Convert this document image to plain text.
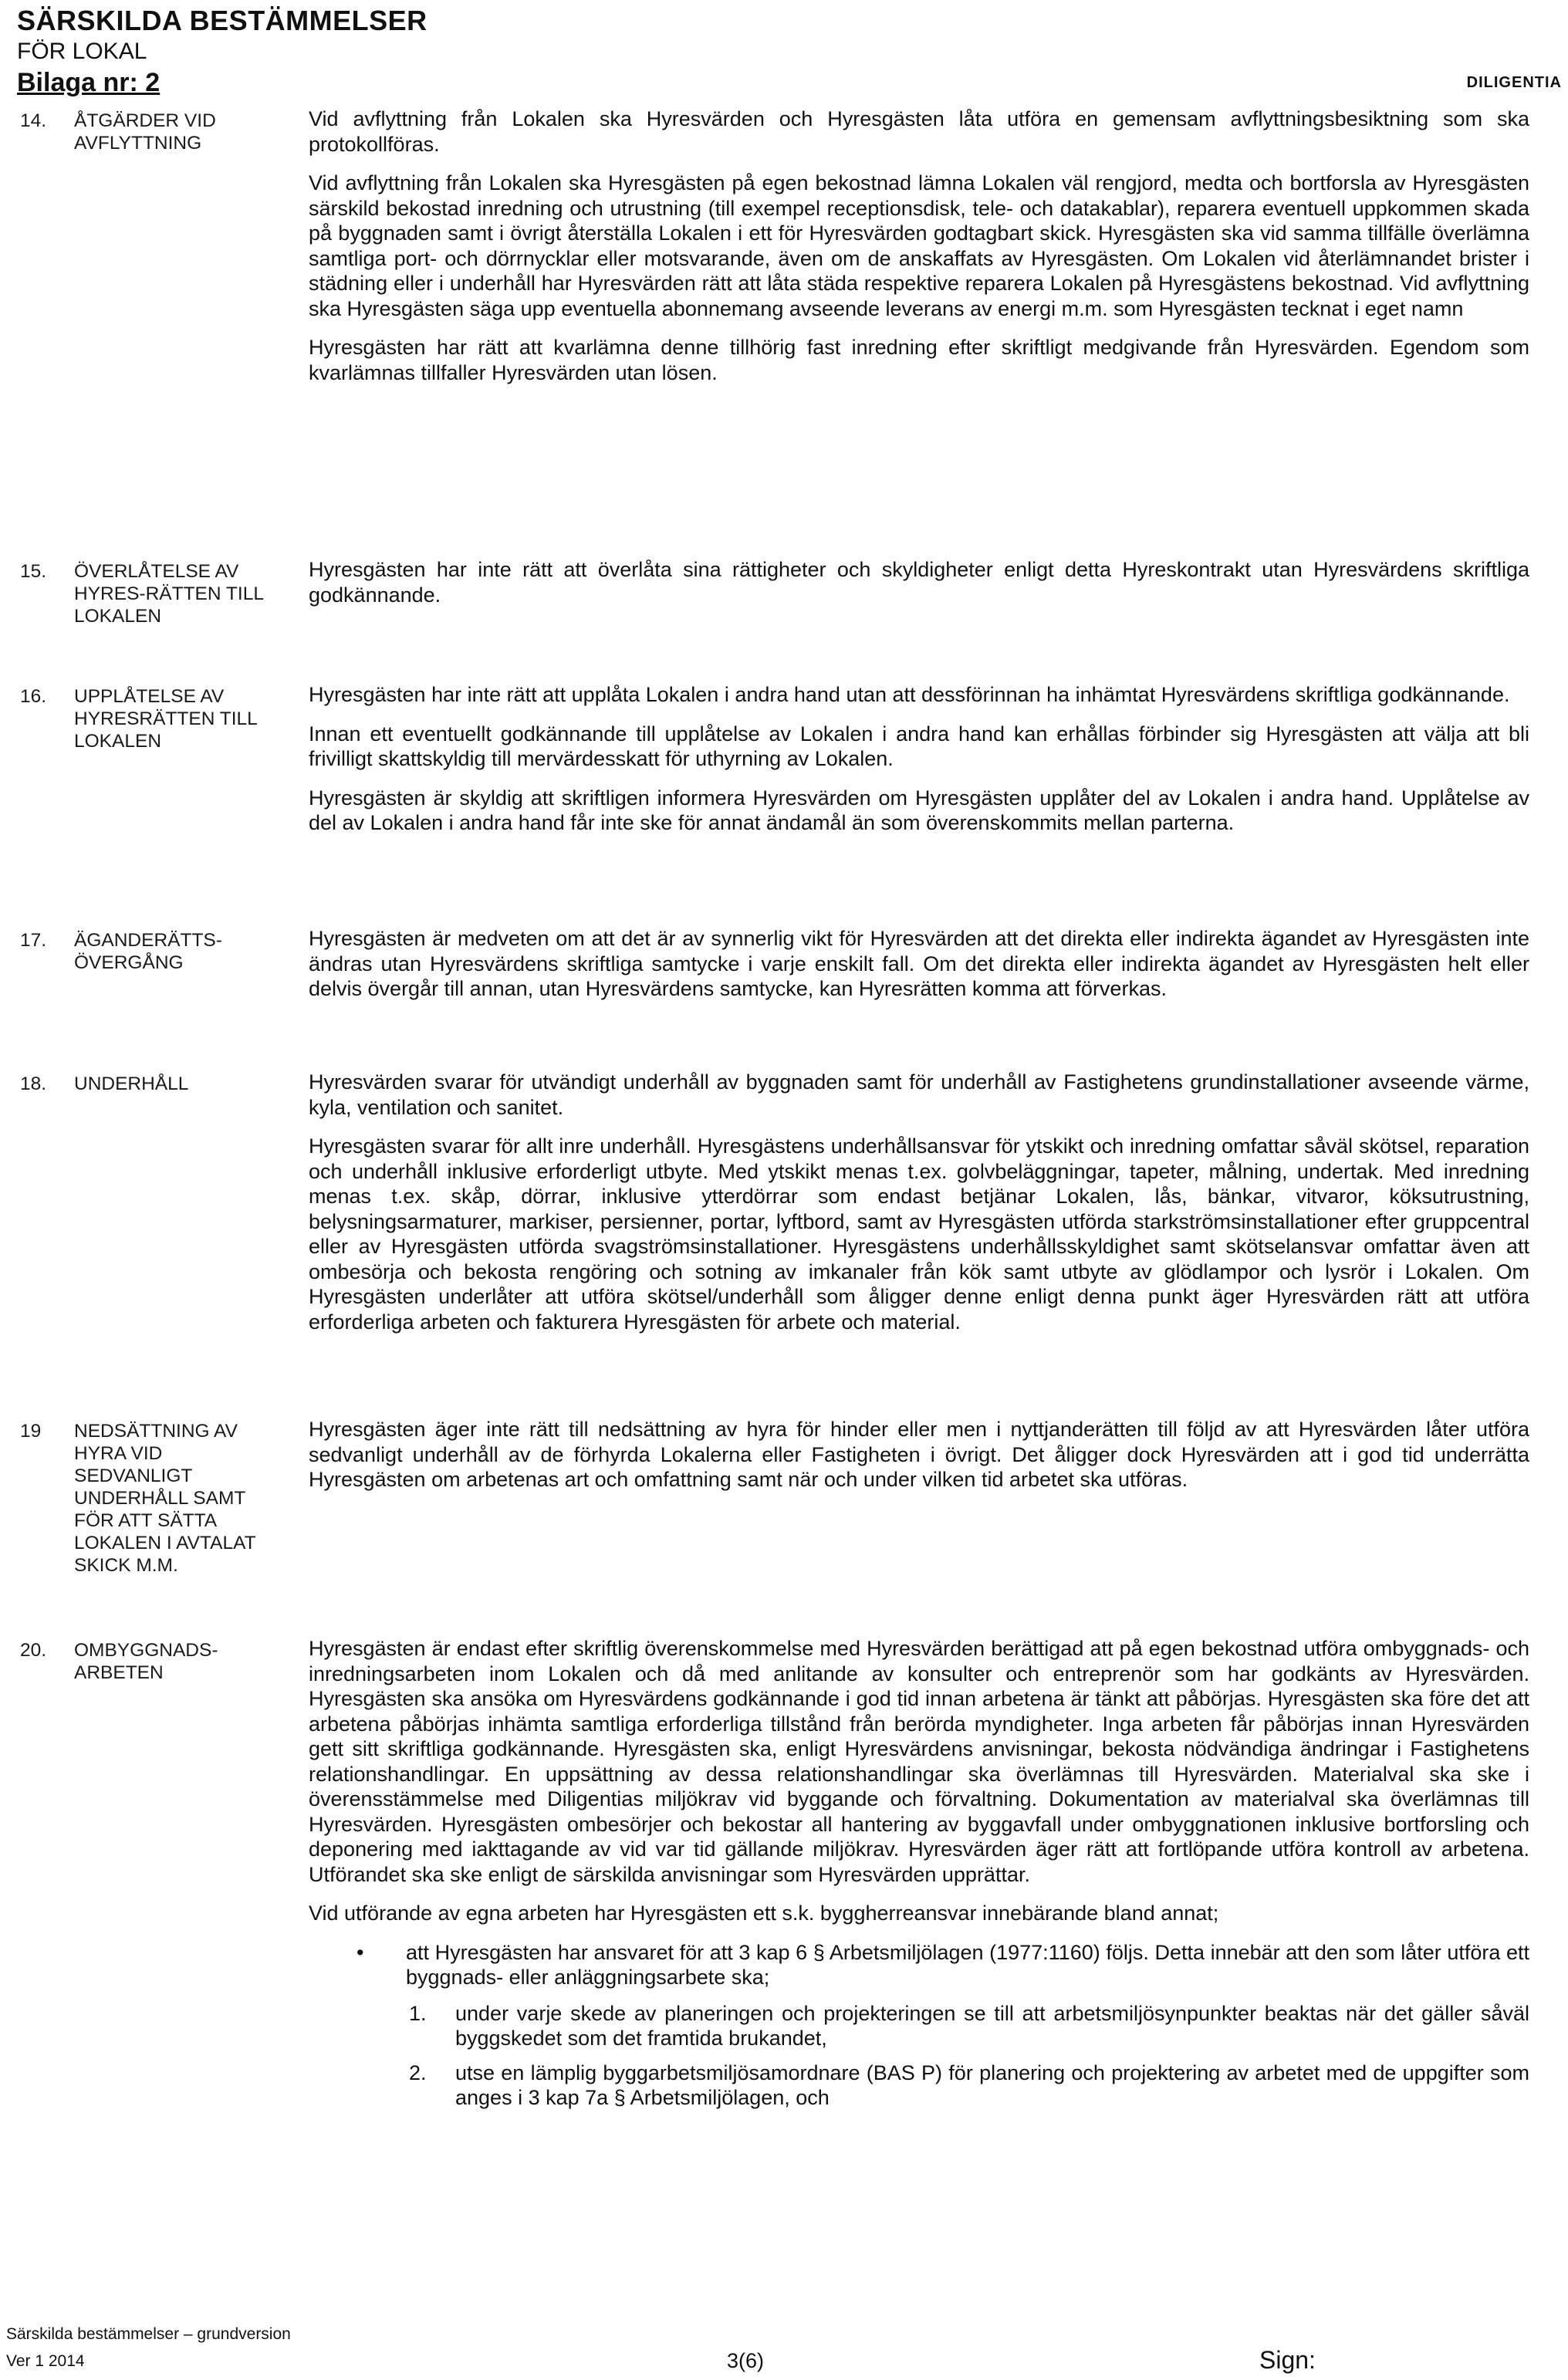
SÄRSKILDA BESTÄMMELSER
FÖR LOKAL
Bilaga nr: 2	DILIGENTIA
14.	ÅTGÄRDER VID AVFLYTTNING

Vid avflyttning från Lokalen ska Hyresvärden och Hyresgästen låta utföra en gemensam avflyttningsbesiktning som ska protokollföras.

Vid avflyttning från Lokalen ska Hyresgästen på egen bekostnad lämna Lokalen väl rengjord, medta och bortforsla av Hyresgästen särskild bekostad inredning och utrustning (till exempel receptionsdisk, tele- och datakablar), reparera eventuell uppkommen skada på byggnaden samt i övrigt återställa Lokalen i ett för Hyresvärden godtagbart skick. Hyresgästen ska vid samma tillfälle överlämna samtliga port- och dörrnycklar eller motsvarande, även om de anskaffats av Hyresgästen. Om Lokalen vid återlämnandet brister i städning eller i underhåll har Hyresvärden rätt att låta städa respektive reparera Lokalen på Hyresgästens bekostnad. Vid avflyttning ska Hyresgästen säga upp eventuella abonnemang avseende leverans av energi m.m. som Hyresgästen tecknat i eget namn

Hyresgästen har rätt att kvarlämna denne tillhörig fast inredning efter skriftligt medgivande från Hyresvärden. Egendom som kvarlämnas tillfaller Hyresvärden utan lösen.

15.	ÖVERLÅTELSE AV HYRES-RÄTTEN TILL LOKALEN

Hyresgästen har inte rätt att överlåta sina rättigheter och skyldigheter enligt detta Hyreskontrakt utan Hyresvärdens skriftliga godkännande.

16.	UPPLÅTELSE AV HYRESRÄTTEN TILL LOKALEN

Hyresgästen har inte rätt att upplåta Lokalen i andra hand utan att dessförinnan ha inhämtat Hyresvärdens skriftliga godkännande.

Innan ett eventuellt godkännande till upplåtelse av Lokalen i andra hand kan erhållas förbinder sig Hyresgästen att välja att bli frivilligt skattskyldig till mervärdesskatt för uthyrning av Lokalen.

Hyresgästen är skyldig att skriftligen informera Hyresvärden om Hyresgästen upplåter del av Lokalen i andra hand. Upplåtelse av del av Lokalen i andra hand får inte ske för annat ändamål än som överenskommits mellan parterna.

17.	ÄGANDERÄTTS-ÖVERGÅNG

Hyresgästen är medveten om att det är av synnerlig vikt för Hyresvärden att det direkta eller indirekta ägandet av Hyresgästen inte ändras utan Hyresvärdens skriftliga samtycke i varje enskilt fall. Om det direkta eller indirekta ägandet av Hyresgästen helt eller delvis övergår till annan, utan Hyresvärdens samtycke, kan Hyresrätten komma att förverkas.

18.	UNDERHÅLL	Hyresvärden svarar för utvändigt underhåll av byggnaden samt för underhåll av Fastighetens grundinstallationer avseende värme, kyla, ventilation och sanitet.

Hyresgästen svarar för allt inre underhåll. Hyresgästens underhållsansvar för ytskikt och inredning omfattar såväl skötsel, reparation och underhåll inklusive erforderligt utbyte. Med ytskikt menas t.ex. golvbeläggningar, tapeter, målning, undertak. Med inredning menas t.ex. skåp, dörrar, inklusive ytterdörrar som endast betjänar Lokalen, lås, bänkar, vitvaror, köksutrustning, belysningsarmaturer, markiser, persienner, portar, lyftbord, samt av Hyresgästen utförda starkströmsinstallationer efter gruppcentral eller av Hyresgästen utförda svagströmsinstallationer. Hyresgästens underhållsskyldighet samt skötselansvar omfattar även att ombesörja och bekosta rengöring och sotning av imkanaler från kök samt utbyte av glödlampor och lysrör i Lokalen. Om Hyresgästen underlåter att utföra skötsel/underhåll som åligger denne enligt denna punkt äger Hyresvärden rätt att utföra erforderliga arbeten och fakturera Hyresgästen för arbete och material.

19	NEDSÄTTNING AV HYRA VID SEDVANLIGT UNDERHÅLL SAMT FÖR ATT SÄTTA LOKALEN I AVTALAT SKICK M.M.

Hyresgästen äger inte rätt till nedsättning av hyra för hinder eller men i nyttjanderätten till följd av att Hyresvärden låter utföra sedvanligt underhåll av de förhyrda Lokalerna eller Fastigheten i övrigt. Det åligger dock Hyresvärden att i god tid underrätta Hyresgästen om arbetenas art och omfattning samt när och under vilken tid arbetet ska utföras.

20.	OMBYGGNADS-ARBETEN

Hyresgästen är endast efter skriftlig överenskommelse med Hyresvärden berättigad att på egen bekostnad utföra ombyggnads- och inredningsarbeten inom Lokalen och då med anlitande av konsulter och entreprenör som har godkänts av Hyresvärden. Hyresgästen ska ansöka om Hyresvärdens godkännande i god tid innan arbetena är tänkt att påbörjas. Hyresgästen ska före det att arbetena påbörjas inhämta samtliga erforderliga tillstånd från berörda myndigheter. Inga arbeten får påbörjas innan Hyresvärden gett sitt skriftliga godkännande. Hyresgästen ska, enligt Hyresvärdens anvisningar, bekosta nödvändiga ändringar i Fastighetens relationshandlingar. En uppsättning av dessa relationshandlingar ska överlämnas till Hyresvärden. Materialval ska ske i överensstämmelse med Diligentias miljökrav vid byggande och förvaltning. Dokumentation av materialval ska överlämnas till Hyresvärden. Hyresgästen ombesörjer och bekostar all hantering av byggavfall under ombyggnationen inklusive bortforsling och deponering med iakttagande av vid var tid gällande miljökrav. Hyresvärden äger rätt att fortlöpande utföra kontroll av arbetena. Utförandet ska ske enligt de särskilda anvisningar som Hyresvärden upprättar.

Vid utförande av egna arbeten har Hyresgästen ett s.k. byggherreansvar innebärande bland annat;

• att Hyresgästen har ansvaret för att 3 kap 6 § Arbetsmiljölagen (1977:1160) följs. Detta innebär att den som låter utföra ett byggnads- eller anläggningsarbete ska;
1. under varje skede av planeringen och projekteringen se till att arbetsmiljösynpunkter beaktas när det gäller såväl byggskedet som det framtida brukandet,
2. utse en lämplig byggarbetsmiljösamordnare (BAS P) för planering och projektering av arbetet med de uppgifter som anges i 3 kap 7a § Arbetsmiljölagen, och
Särskilda bestämmelser – grundversion
Ver 1 2014	3(6)	Sign:
